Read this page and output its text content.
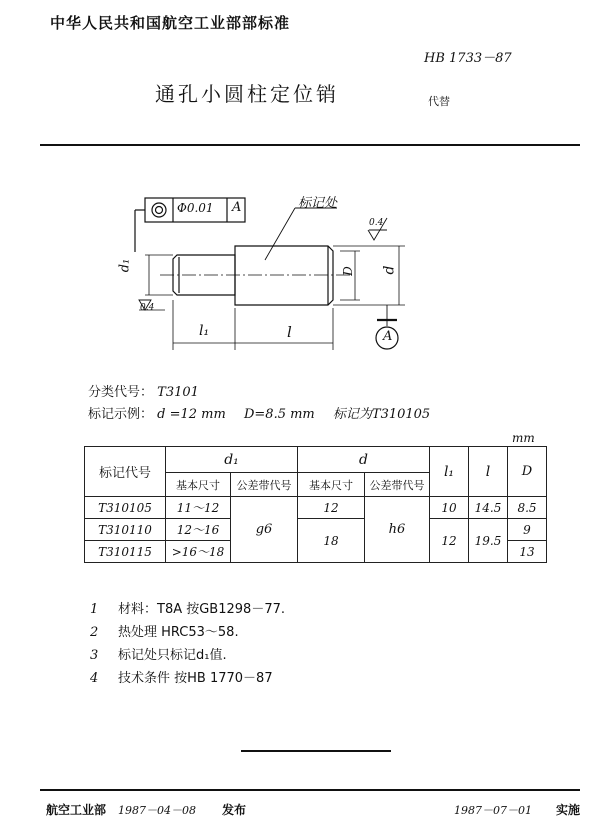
中华人民共和国航空工业部部标准
HB 1733－87
通孔小圆柱定位销	代替
Φ0.01 A	标记处
0.4
0.4
d₁	D d
A
l₁	l
分类代号： T3101
标记示例： d =12 mm D=8.5 mm 标记为T310105
mm
标记代号	d₁		d		l₁	l	D
	基本尺寸	公差带代号	基本尺寸	公差带代号			
T310105	11～12	g6	12	h6	10	14.5	8.5
T310110	12～16		18		12	19.5	9
T310115	>16～18						13
1 材料：T8A 按GB1298－77.
2 热处理 HRC53～58.
3 标记处只标记d₁值.
4 技术条件 按HB 1770－87
航空工业部 1987－04－08 发布	1987－07－01 实施
